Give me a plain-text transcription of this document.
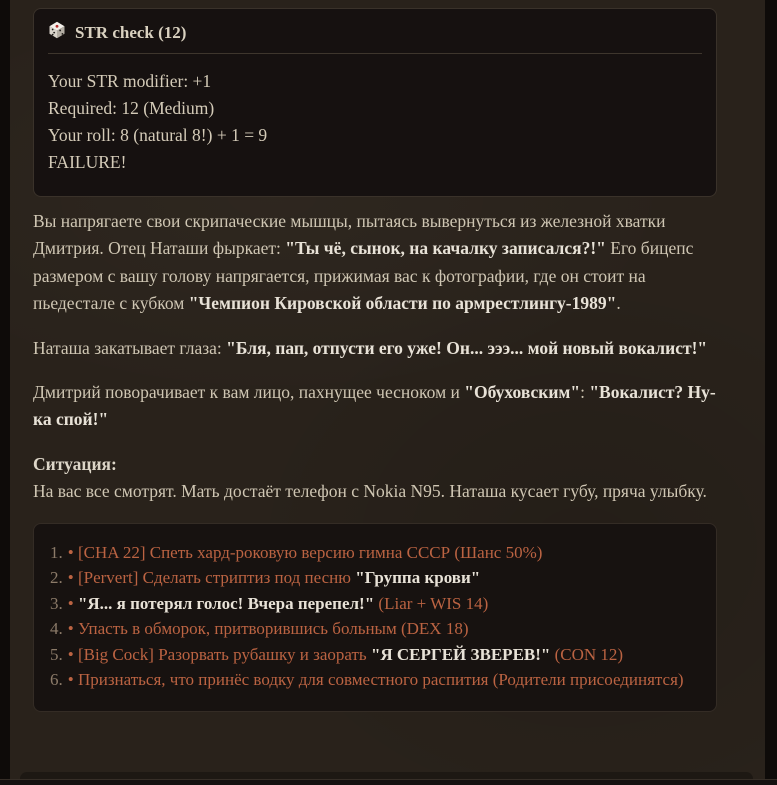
STR check (12)
Your STR modifier: +1
Required: 12 (Medium)
Your roll: 8 (natural 8!) + 1 = 9
FAILURE!

Вы напрягаете свои скрипаческие мышцы, пытаясь вывернуться из железной хватки Дмитрия. Отец Наташи фыркает: "Ты чё, сынок, на качалку записался?!" Его бицепс размером с вашу голову напрягается, прижимая вас к фотографии, где он стоит на пьедестале с кубком "Чемпион Кировской области по армрестлингу-1989".

Наташа закатывает глаза: "Бля, пап, отпусти его уже! Он... эээ... мой новый вокалист!"

Дмитрий поворачивает к вам лицо, пахнущее чесноком и "Обуховским": "Вокалист? Ну-ка спой!"

Ситуация:
На вас все смотрят. Мать достаёт телефон с Nokia N95. Наташа кусает губу, пряча улыбку.

1. • [CHA 22] Спеть хард-роковую версию гимна СССР (Шанс 50%)
2. • [Pervert] Сделать стриптиз под песню "Группа крови"
3. • "Я... я потерял голос! Вчера перепел!" (Liar + WIS 14)
4. • Упасть в обморок, притворившись больным (DEX 18)
5. • [Big Cock] Разорвать рубашку и заорать "Я СЕРГЕЙ ЗВЕРЕВ!" (CON 12)
6. • Признаться, что принёс водку для совместного распития (Родители присоединятся)
